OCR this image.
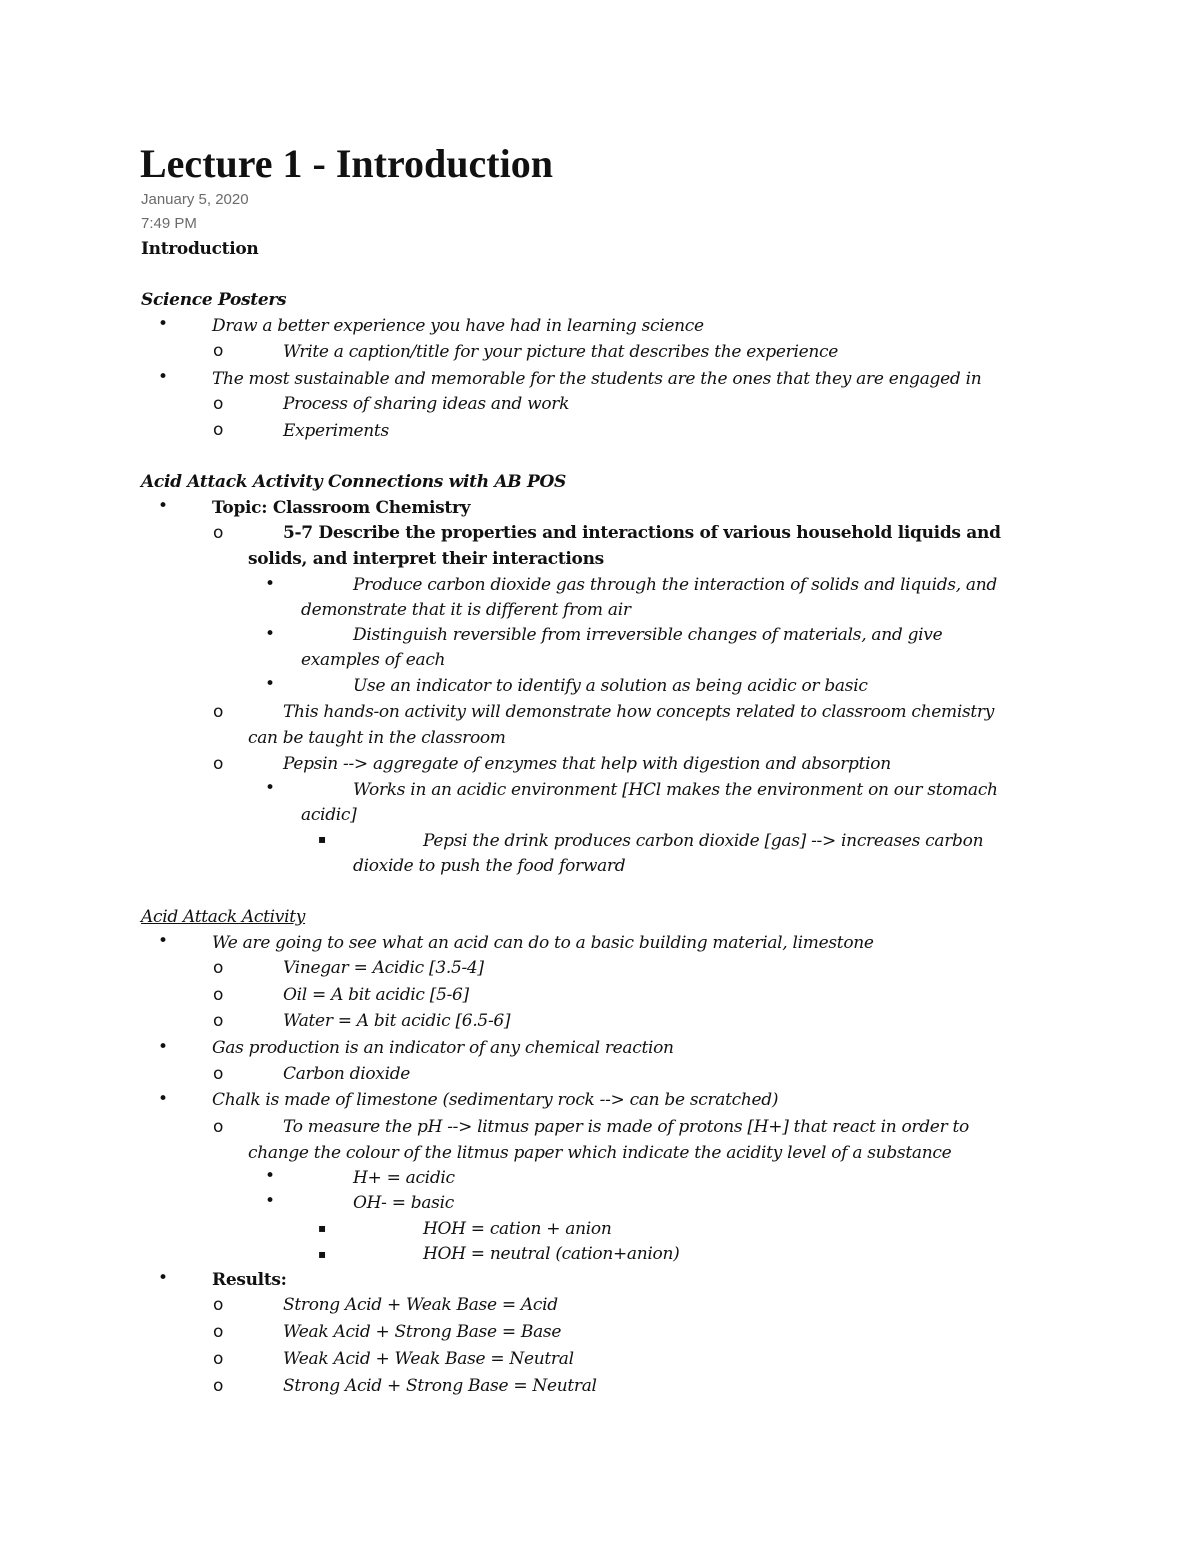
Lecture 1 - Introduction
January 5, 2020
7:49 PM
Introduction
Science Posters
•	Draw a better experience you have had in learning science
o	Write a caption/title for your picture that describes the experience
•	The most sustainable and memorable for the students are the ones that they are engaged in
o	Process of sharing ideas and work
o	Experiments
Acid Attack Activity Connections with AB POS
•	Topic: Classroom Chemistry
o	5-7 Describe the properties and interactions of various household liquids and
solids, and interpret their interactions
•	Produce carbon dioxide gas through the interaction of solids and liquids, and
demonstrate that it is different from air
•	Distinguish reversible from irreversible changes of materials, and give
examples of each
•	Use an indicator to identify a solution as being acidic or basic
o	This hands-on activity will demonstrate how concepts related to classroom chemistry
can be taught in the classroom
o	Pepsin --> aggregate of enzymes that help with digestion and absorption
•	Works in an acidic environment [HCl makes the environment on our stomach
acidic]
▪	Pepsi the drink produces carbon dioxide [gas] --> increases carbon
dioxide to push the food forward
Acid Attack Activity
•	We are going to see what an acid can do to a basic building material, limestone
o	Vinegar = Acidic [3.5-4]
o	Oil = A bit acidic [5-6]
o	Water = A bit acidic [6.5-6]
•	Gas production is an indicator of any chemical reaction
o	Carbon dioxide
•	Chalk is made of limestone (sedimentary rock --> can be scratched)
o	To measure the pH --> litmus paper is made of protons [H+] that react in order to
change the colour of the litmus paper which indicate the acidity level of a substance
•	H+ = acidic
•	OH- = basic
▪	HOH = cation + anion
▪	HOH = neutral (cation+anion)
•	Results:
o	Strong Acid + Weak Base = Acid
o	Weak Acid + Strong Base = Base
o	Weak Acid + Weak Base = Neutral
o	Strong Acid + Strong Base = Neutral
